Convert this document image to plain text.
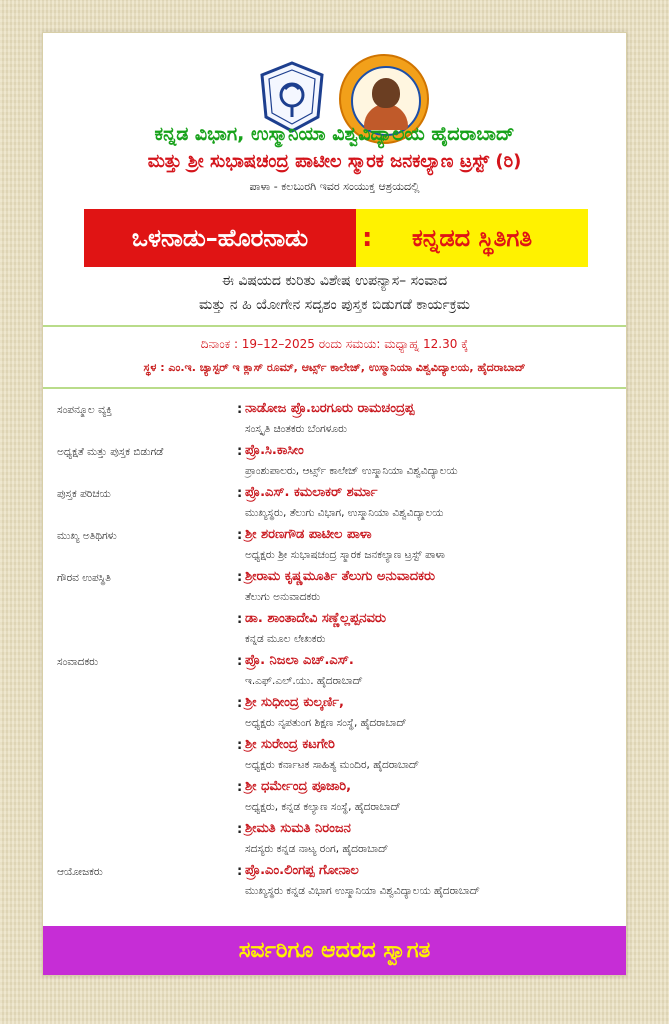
ಕನ್ನಡ ವಿಭಾಗ, ಉಸ್ಮಾನಿಯಾ ವಿಶ್ವವಿದ್ಯಾಲಯ ಹೈದರಾಬಾದ್
ಮತ್ತು ಶ್ರೀ ಸುಭಾಷಚಂದ್ರ ಪಾಟೀಲ ಸ್ಮಾರಕ ಜನಕಲ್ಯಾಣ ಟ್ರಸ್ಟ್ (ರಿ)
ಪಾಳಾ - ಕಲಬುರಗಿ ಇವರ ಸಂಯುಕ್ತ ಆಶ್ರಯದಲ್ಲಿ
ಒಳನಾಡು–ಹೊರನಾಡು	ಕನ್ನಡದ ಸ್ಥಿತಿಗತಿ
:
ಈ ವಿಷಯದ ಕುರಿತು ವಿಶೇಷ ಉಪನ್ಯಾಸ– ಸಂವಾದ
ಮತ್ತು ನ ಹಿ ಯೋಗೇನ ಸದೃಶಂ ಪುಸ್ತಕ ಬಿಡುಗಡೆ ಕಾರ್ಯಕ್ರಮ
ದಿನಾಂಕ : 19–12–2025 ರಂದು ಸಮಯ: ಮಧ್ಯಾಹ್ನ 12.30 ಕ್ಕೆ
ಸ್ಥಳ : ಎಂ.ಇ. ಚ್ಯಾಸ್ಟರ್ ಇ ಕ್ಲಾಸ್ ರೂಮ್, ಆರ್ಟ್ಸ್ ಕಾಲೇಜ್, ಉಸ್ಮಾನಿಯಾ ವಿಶ್ವವಿದ್ಯಾಲಯ, ಹೈದರಾಬಾದ್
ಸಂಪನ್ಮೂಲ ವ್ಯಕ್ತಿ	: ನಾಡೋಜ ಪ್ರೊ.ಬರಗೂರು ರಾಮಚಂದ್ರಪ್ಪ
ಸಂಸ್ಕೃತಿ ಚಿಂತಕರು ಬೆಂಗಳೂರು
ಅಧ್ಯಕ್ಷತೆ ಮತ್ತು ಪುಸ್ತಕ ಬಿಡುಗಡೆ	: ಪ್ರೊ.ಸಿ.ಕಾಸೀಂ
ಪ್ರಾಂಶುಪಾಲರು, ಆರ್ಟ್ಸ್ ಕಾಲೇಜ್ ಉಸ್ಮಾನಿಯಾ ವಿಶ್ವವಿದ್ಯಾಲಯ
ಪುಸ್ತಕ ಪರಿಚಯ	: ಪ್ರೊ.ಎಸ್. ಕಮಲಾಕರ್ ಶರ್ಮಾ
ಮುಖ್ಯಸ್ಥರು, ತೆಲುಗು ವಿಭಾಗ, ಉಸ್ಮಾನಿಯಾ ವಿಶ್ವವಿದ್ಯಾಲಯ
ಮುಖ್ಯ ಅತಿಥಿಗಳು	: ಶ್ರೀ ಶರಣಗೌಡ ಪಾಟೀಲ ಪಾಳಾ
ಅಧ್ಯಕ್ಷರು ಶ್ರೀ ಸುಭಾಷಚಂದ್ರ ಸ್ಮಾರಕ ಜನಕಲ್ಯಾಣ ಟ್ರಸ್ಟ್ ಪಾಳಾ
ಗೌರವ ಉಪಸ್ಥಿತಿ	: ಶ್ರೀರಾಮ ಕೃಷ್ಣಮೂರ್ತಿ ತೆಲುಗು ಅನುವಾದಕರು
ತೆಲುಗು ಅನುವಾದಕರು
: ಡಾ. ಶಾಂತಾದೇವಿ ಸಣ್ಣೆಲ್ಲಪ್ಪನವರು
ಕನ್ನಡ ಮೂಲ ಲೇಖಕರು
ಸಂವಾದಕರು	: ಪ್ರೊ. ನಿಜಲಾ ಎಚ್.ಎಸ್.
ಇ.ಎಫ್.ಎಲ್.ಯು. ಹೈದರಾಬಾದ್
: ಶ್ರೀ ಸುಧೀಂದ್ರ ಕುಲ್ಕರ್ಣಿ,
ಅಧ್ಯಕ್ಷರು ನೃಪತುಂಗ ಶಿಕ್ಷಣ ಸಂಸ್ಥೆ, ಹೈದರಾಬಾದ್
: ಶ್ರೀ ಸುರೇಂದ್ರ ಕಟಗೇರಿ
ಅಧ್ಯಕ್ಷರು ಕರ್ನಾಟಕ ಸಾಹಿತ್ಯ ಮಂದಿರ, ಹೈದರಾಬಾದ್
: ಶ್ರೀ ಧರ್ಮೇಂದ್ರ ಪೂಜಾರಿ,
ಅಧ್ಯಕ್ಷರು, ಕನ್ನಡ ಕಲ್ಯಾಣ ಸಂಸ್ಥೆ, ಹೈದರಾಬಾದ್
: ಶ್ರೀಮತಿ ಸುಮತಿ ನಿರಂಜನ
ಸದಸ್ಯರು ಕನ್ನಡ ನಾಟ್ಯ ರಂಗ, ಹೈದರಾಬಾದ್
ಆಯೋಜಕರು	: ಪ್ರೊ.ಎಂ.ಲಿಂಗಪ್ಪ ಗೋನಾಲ
ಮುಖ್ಯಸ್ಥರು ಕನ್ನಡ ವಿಭಾಗ ಉಸ್ಮಾನಿಯಾ ವಿಶ್ವವಿದ್ಯಾಲಯ ಹೈದರಾಬಾದ್
ಸರ್ವರಿಗೂ ಆದರದ ಸ್ವಾಗತ
